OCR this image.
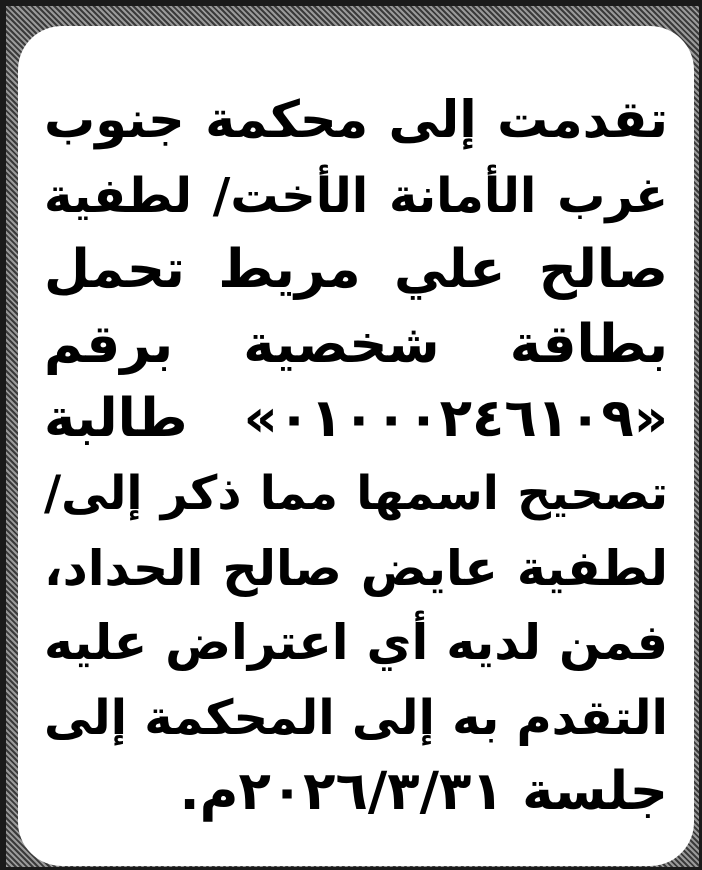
تقدمت إلى محكمة جنوب
غرب الأمانة الأخت/ لطفية
صالح علي مريط تحمل
بطاقة شخصية برقم
«٠١٠٠٠٢٤٦١٠٩» طالبة
تصحيح اسمها مما ذكر إلى/
لطفية عايض صالح الحداد،
فمن لديه أي اعتراض عليه
التقدم به إلى المحكمة إلى
جلسة ٢٠٢٦/٣/٣١م.
